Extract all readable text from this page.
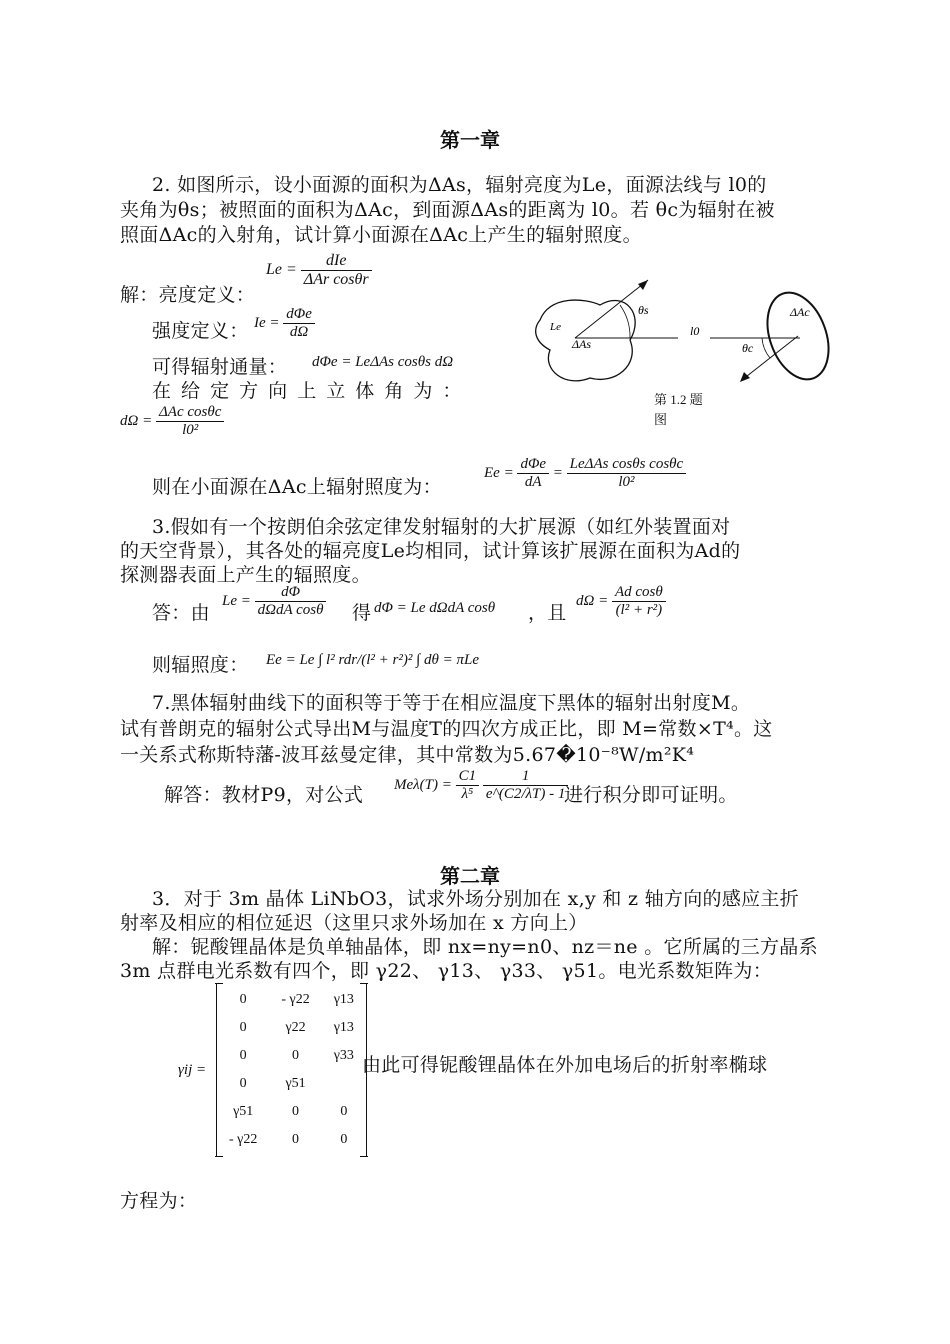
第一章
2. 如图所示，设小面源的面积为ΔAs，辐射亮度为Le，面源法线与 l0的
夹角为θs；被照面的面积为ΔAc，到面源ΔAs的距离为 l0。若 θc为辐射在被
照面ΔAc的入射角，试计算小面源在ΔAc上产生的辐射照度。
解：亮度定义：
$Le = \frac{\text{dIe}}{\text{ΔAr cosθr}}$
强度定义： $Ie = \frac{\text{dΦe}}{d\Omega}$
可得辐射通量： dΦe = LeΔAs cosθs dΩ
在 给 定 方 向 上 立 体 角 为 ：
$d\Omega = \frac{\text{ΔAc cosθc}}{\text{l0²}}$
Le
ΔAs
θs
l0
ΔAc
θc
第 1.2 题图
则在小面源在ΔAc上辐射照度为：
$Ee = \frac{\text{dΦe}}{dA} = \frac{\text{LeΔAs cosθs cosθc}}{\text{l0²}}$
3.假如有一个按朗伯余弦定律发射辐射的大扩展源（如红外装置面对
的天空背景），其各处的辐亮度Le均相同，试计算该扩展源在面积为Ad的
探测器表面上产生的辐照度。
答：由
$Le = \frac{d\Phi}{\text{dΩdA cosθ}}$ 得 dΦ = Le dΩdA cosθ ，且
$d\Omega = \frac{\text{Ad cosθ}}{\text{(l² + r²)}}$
则辐照度： Ee = Le ∫ l² rdr/(l² + r²)² ∫ dθ = πLe
7.黑体辐射曲线下的面积等于等于在相应温度下黑体的辐射出射度M。
试有普朗克的辐射公式导出M与温度T的四次方成正比，即 M=常数×T⁴。这
一关系式称斯特藩-波耳兹曼定律，其中常数为5.67�10⁻⁸W/m²K⁴
解答：教材P9，对公式 $Me\lambda(T) = \frac{C1}{\text{λ⁵}}$
$\frac{1}{e\^{}(C2/\lambda T) - 1}$
进行积分即可证明。
第二章
3．对于 3m 晶体 LiNbO3，试求外场分别加在 x,y 和 z 轴方向的感应主折
射率及相应的相位延迟（这里只求外场加在 x 方向上）
解：铌酸锂晶体是负单轴晶体，即 nx=ny=n0、nz＝ne 。它所属的三方晶系
3m 点群电光系数有四个，即 γ22、 γ13、 γ33、 γ51。电光系数矩阵为：
γij =
0	- γ22	γ13
0	γ22	γ13
0	0	γ33
0	γ51	
γ51	0	0
- γ22	0	0
由此可得铌酸锂晶体在外加电场后的折射率椭球
方程为：
